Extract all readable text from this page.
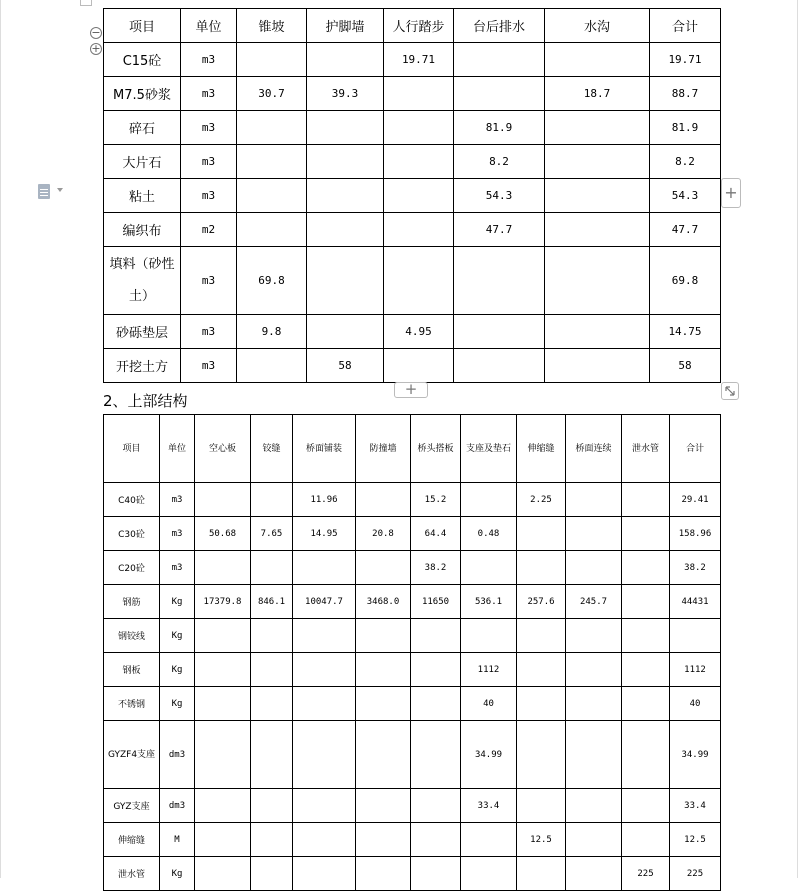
−
+
项目	单位	锥坡	护脚墙	人行踏步	台后排水	水沟	合计
C15砼	m3			19.71			19.71
M7.5砂浆	m3	30.7	39.3			18.7	88.7
碎石	m3				81.9		81.9
大片石	m3				8.2		8.2
粘土	m3				54.3		54.3
编织布	m2				47.7		47.7
填料（砂性土）	m3	69.8					69.8
砂砾垫层	m3	9.8		4.95			14.75
开挖土方	m3		58				58
2、上部结构
项目	单位	空心板	铰缝	桥面铺装	防撞墙	桥头搭板	支座及垫石	伸缩缝	桥面连续	泄水管	合计
C40砼	m3			11.96		15.2		2.25			29.41
C30砼	m3	50.68	7.65	14.95	20.8	64.4	0.48				158.96
C20砼	m3					38.2					38.2
钢筋	Kg	17379.8	846.1	10047.7	3468.0	11650	536.1	257.6	245.7		44431
钢铰线	Kg										
钢板	Kg						1112				1112
不锈钢	Kg						40				40
GYZF4支座	dm3						34.99				34.99
GYZ支座	dm3						33.4				33.4
伸缩缝	M							12.5			12.5
泄水管	Kg									225	225
+
+
